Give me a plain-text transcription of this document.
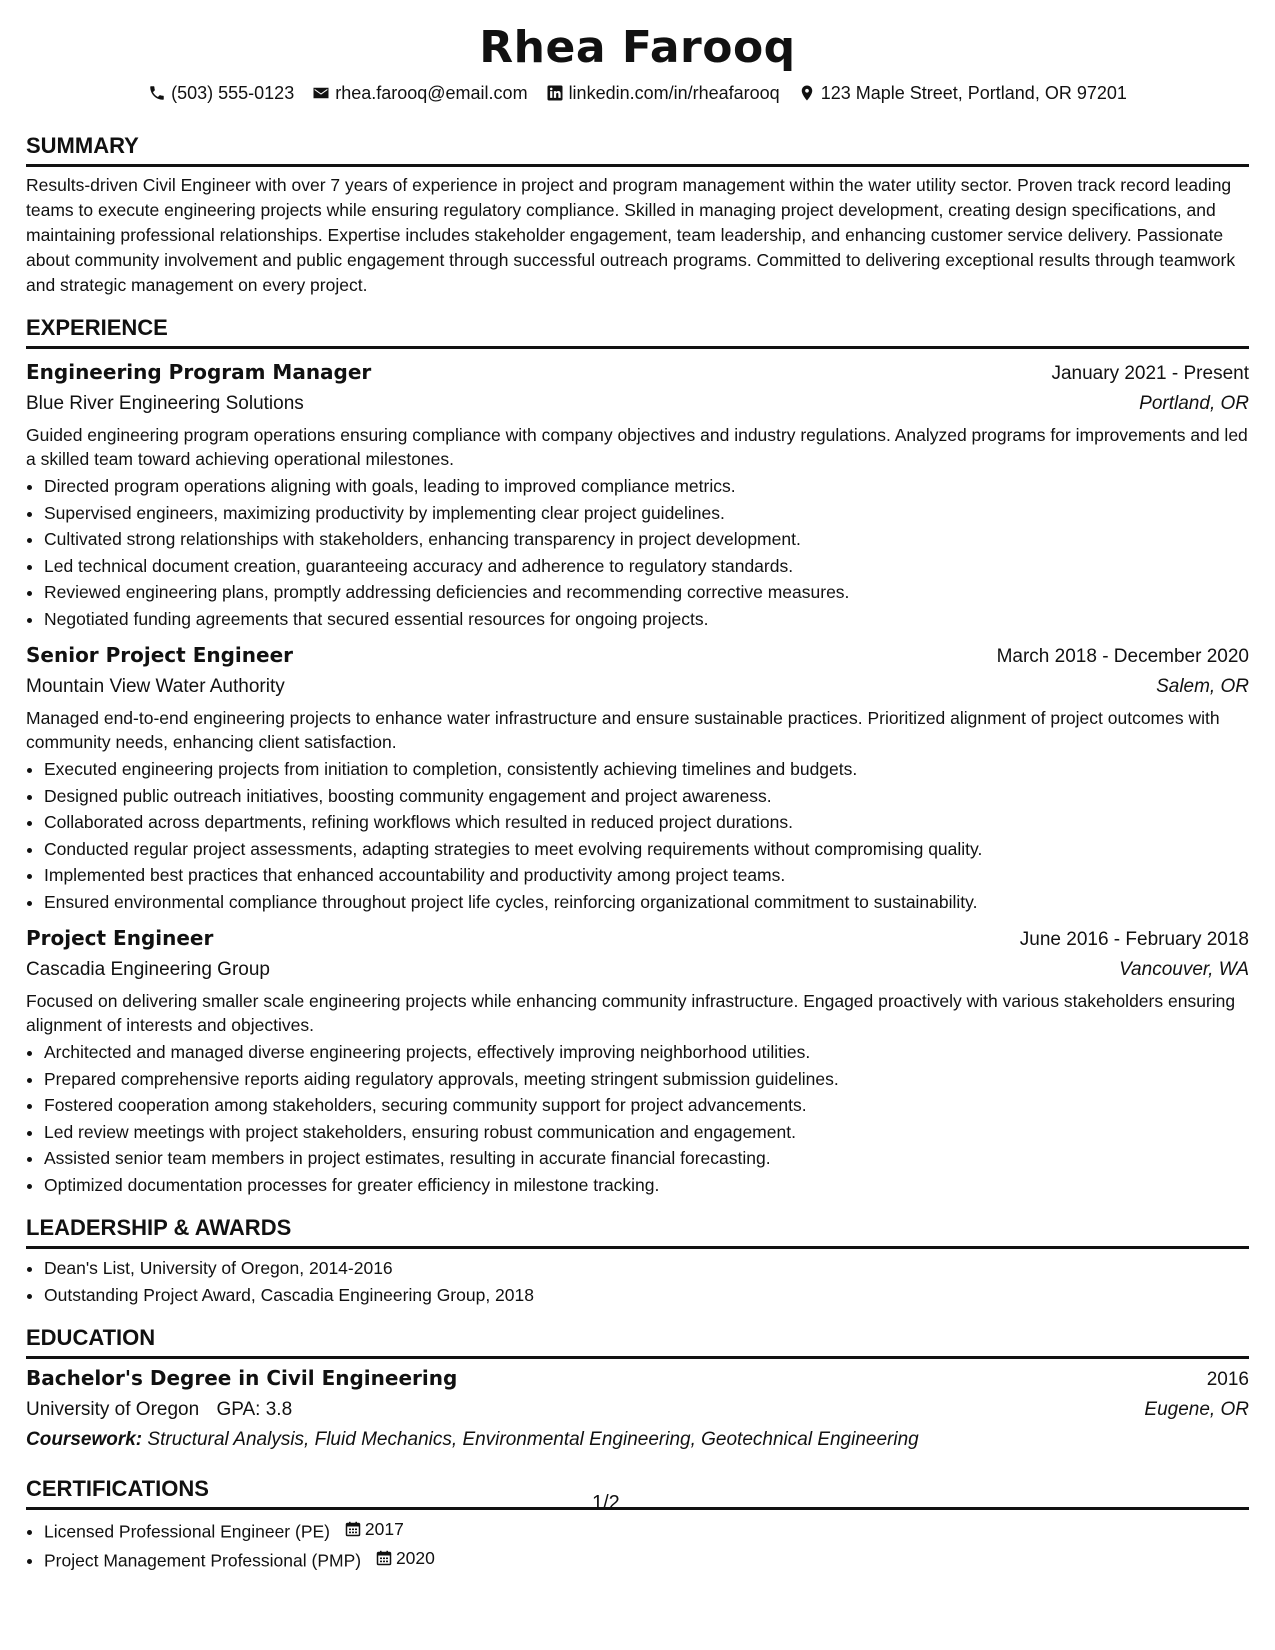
Rhea Farooq
(503) 555-0123 rhea.farooq@email.com linkedin.com/in/rheafarooq 123 Maple Street, Portland, OR 97201
SUMMARY

Results-driven Civil Engineer with over 7 years of experience in project and program management within the water utility sector. Proven track record leading teams to execute engineering projects while ensuring regulatory compliance. Skilled in managing project development, creating design specifications, and maintaining professional relationships. Expertise includes stakeholder engagement, team leadership, and enhancing customer service delivery. Passionate about community involvement and public engagement through successful outreach programs. Committed to delivering exceptional results through teamwork and strategic management on every project.

EXPERIENCE
Engineering Program Manager	January 2021 - Present
Blue River Engineering Solutions	Portland, OR

Guided engineering program operations ensuring compliance with company objectives and industry regulations. Analyzed programs for improvements and led a skilled team toward achieving operational milestones.

• Directed program operations aligning with goals, leading to improved compliance metrics.
• Supervised engineers, maximizing productivity by implementing clear project guidelines.
• Cultivated strong relationships with stakeholders, enhancing transparency in project development.
• Led technical document creation, guaranteeing accuracy and adherence to regulatory standards.
• Reviewed engineering plans, promptly addressing deficiencies and recommending corrective measures.
• Negotiated funding agreements that secured essential resources for ongoing projects.
Senior Project Engineer	March 2018 - December 2020
Mountain View Water Authority	Salem, OR

Managed end-to-end engineering projects to enhance water infrastructure and ensure sustainable practices. Prioritized alignment of project outcomes with community needs, enhancing client satisfaction.

• Executed engineering projects from initiation to completion, consistently achieving timelines and budgets.
• Designed public outreach initiatives, boosting community engagement and project awareness.
• Collaborated across departments, refining workflows which resulted in reduced project durations.
• Conducted regular project assessments, adapting strategies to meet evolving requirements without compromising quality.
• Implemented best practices that enhanced accountability and productivity among project teams.
• Ensured environmental compliance throughout project life cycles, reinforcing organizational commitment to sustainability.
Project Engineer	June 2016 - February 2018
Cascadia Engineering Group	Vancouver, WA

Focused on delivering smaller scale engineering projects while enhancing community infrastructure. Engaged proactively with various stakeholders ensuring alignment of interests and objectives.

• Architected and managed diverse engineering projects, effectively improving neighborhood utilities.
• Prepared comprehensive reports aiding regulatory approvals, meeting stringent submission guidelines.
• Fostered cooperation among stakeholders, securing community support for project advancements.
• Led review meetings with project stakeholders, ensuring robust communication and engagement.
• Assisted senior team members in project estimates, resulting in accurate financial forecasting.
• Optimized documentation processes for greater efficiency in milestone tracking.
LEADERSHIP & AWARDS
• Dean's List, University of Oregon, 2014-2016
• Outstanding Project Award, Cascadia Engineering Group, 2018
EDUCATION
Bachelor's Degree in Civil Engineering	2016
University of Oregon GPA: 3.8	Eugene, OR
Coursework: Structural Analysis, Fluid Mechanics, Environmental Engineering, Geotechnical Engineering
CERTIFICATIONS
• Licensed Professional Engineer (PE) 2017
• Project Management Professional (PMP) 2020
1/2
